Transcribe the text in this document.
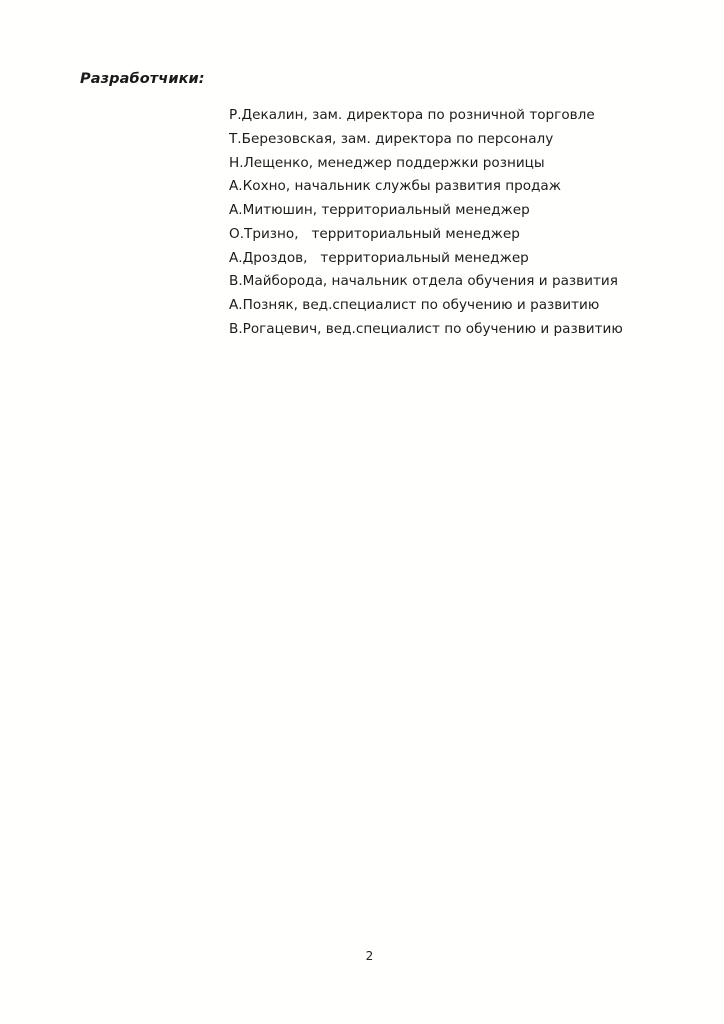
Разработчики:
Р.Декалин, зам. директора по розничной торговле
Т.Березовская, зам. директора по персоналу
Н.Лещенко, менеджер поддержки розницы
А.Кохно, начальник службы развития продаж
А.Митюшин, территориальный менеджер
О.Тризно,   территориальный менеджер
А.Дроздов,   территориальный менеджер
В.Майборода, начальник отдела обучения и развития
А.Позняк, вед.специалист по обучению и развитию
В.Рогацевич, вед.специалист по обучению и развитию
2
